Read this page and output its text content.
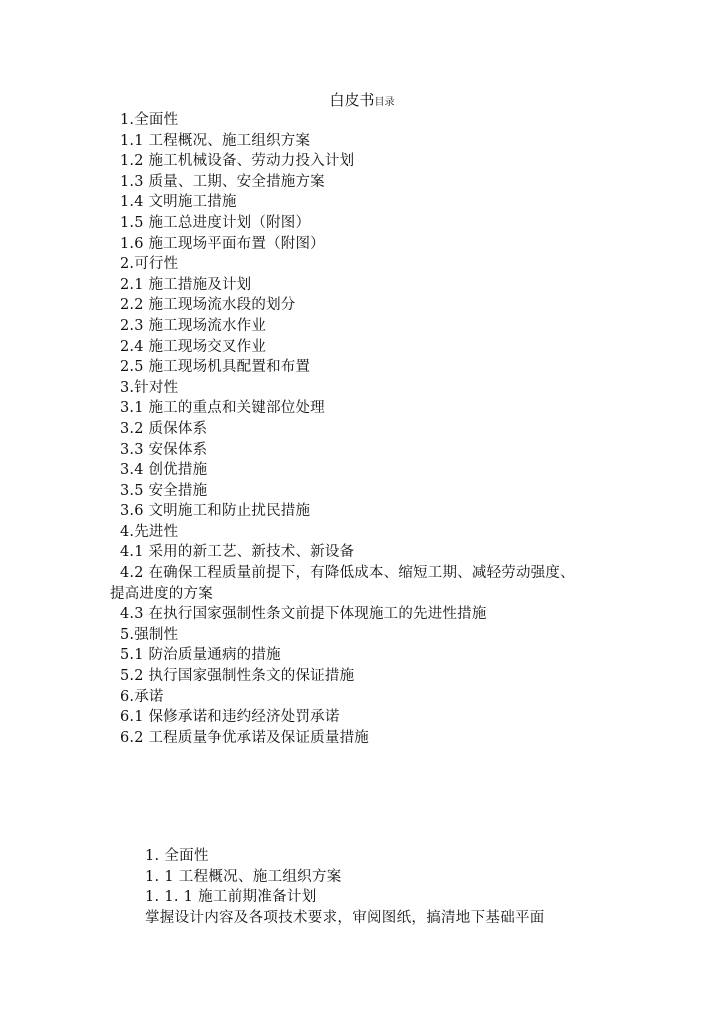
白皮书目录
1.全面性
1.1 工程概况、施工组织方案
1.2 施工机械设备、劳动力投入计划
1.3 质量、工期、安全措施方案
1.4 文明施工措施
1.5 施工总进度计划（附图）
1.6 施工现场平面布置（附图）
2.可行性
2.1 施工措施及计划
2.2 施工现场流水段的划分
2.3 施工现场流水作业
2.4 施工现场交叉作业
2.5 施工现场机具配置和布置
3.针对性
3.1 施工的重点和关键部位处理
3.2 质保体系
3.3 安保体系
3.4 创优措施
3.5 安全措施
3.6 文明施工和防止扰民措施
4.先进性
4.1 采用的新工艺、新技术、新设备
4.2 在确保工程质量前提下，有降低成本、缩短工期、减轻劳动强度、
提高进度的方案
4.3 在执行国家强制性条文前提下体现施工的先进性措施
5.强制性
5.1 防治质量通病的措施
5.2 执行国家强制性条文的保证措施
6.承诺
6.1 保修承诺和违约经济处罚承诺
6.2 工程质量争优承诺及保证质量措施
1. 全面性
1. 1 工程概况、施工组织方案
1. 1. 1 施工前期准备计划
掌握设计内容及各项技术要求，审阅图纸，搞清地下基础平面
